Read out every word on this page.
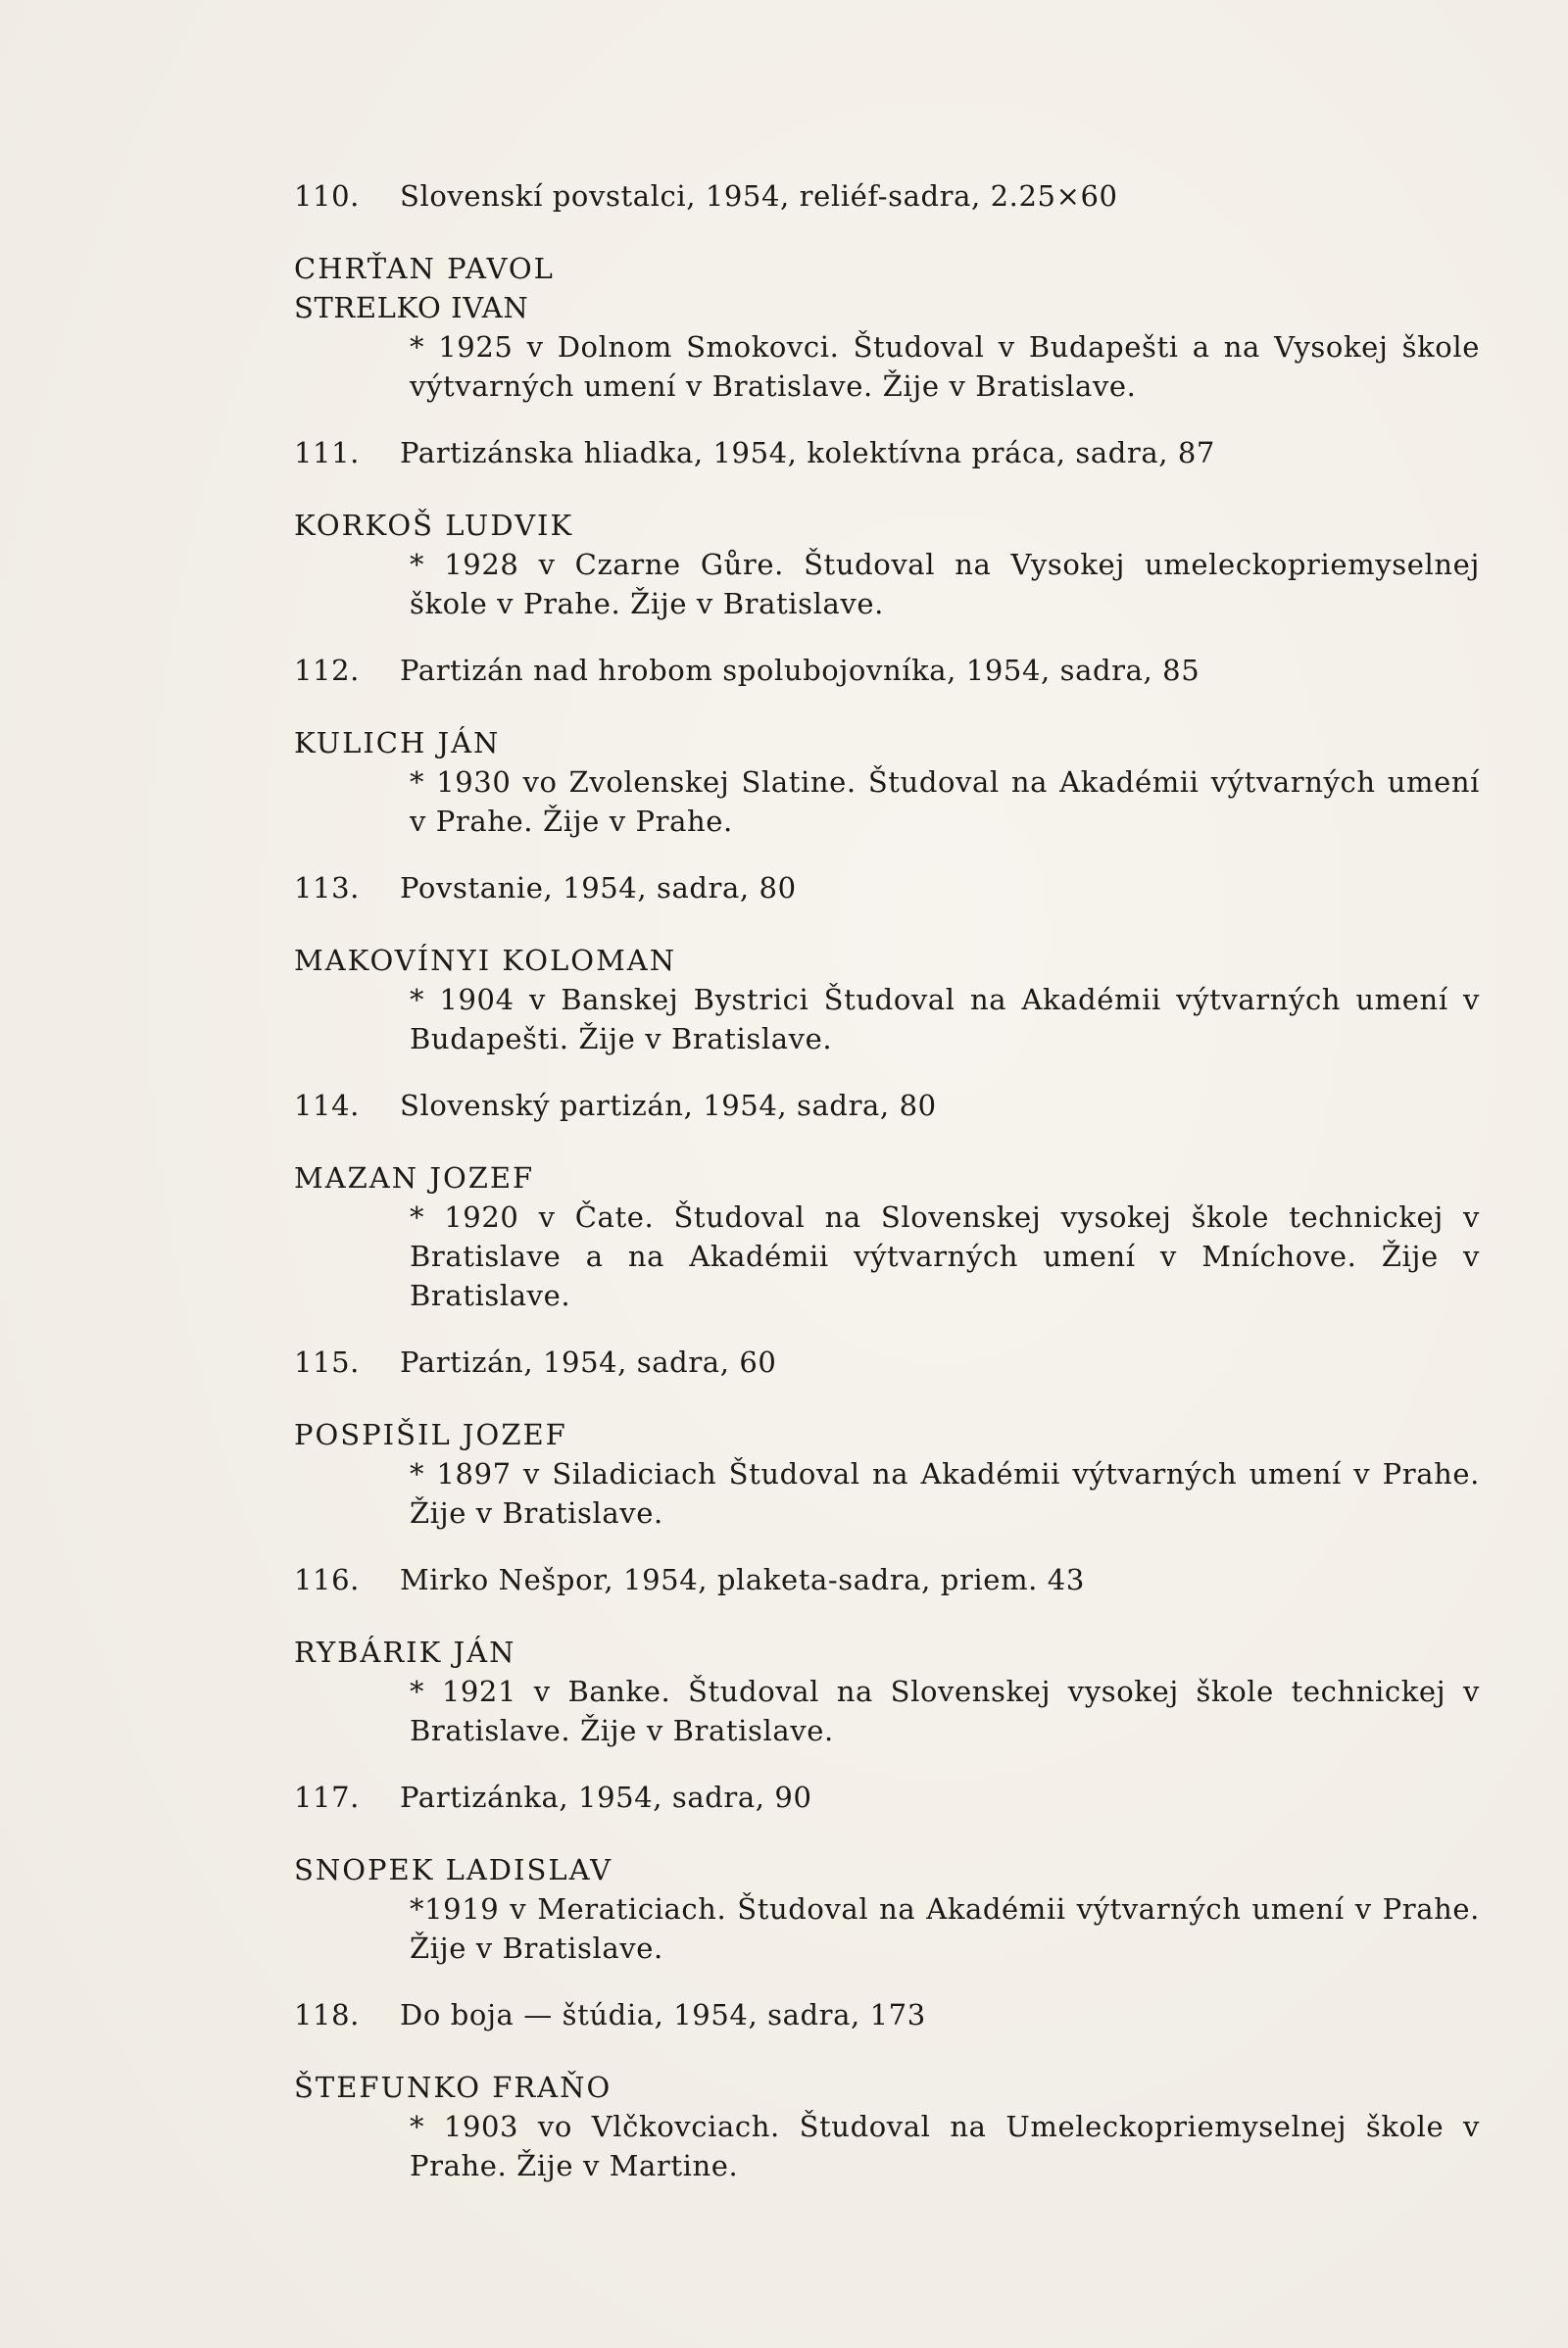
110.	Slovenskí povstalci, 1954, reliéf-sadra, 2.25×60
CHRŤAN PAVOL
STRELKO IVAN
* 1925 v Dolnom Smokovci. Študoval v Budapešti a na Vysokej škole výtvarných umení v Bratislave. Žije v Bratislave.
111.	Partizánska hliadka, 1954, kolektívna práca, sadra, 87
KORKOŠ LUDVIK
* 1928 v Czarne Gůre. Študoval na Vysokej umeleckopriemyselnej škole v Prahe. Žije v Bratislave.
112.	Partizán nad hrobom spolubojovníka, 1954, sadra, 85
KULICH JÁN
* 1930 vo Zvolenskej Slatine. Študoval na Akadémii výtvarných umení v Prahe. Žije v Prahe.
113.	Povstanie, 1954, sadra, 80
MAKOVÍNYI KOLOMAN
* 1904 v Banskej Bystrici Študoval na Akadémii výtvarných umení v Budapešti. Žije v Bratislave.
114.	Slovenský partizán, 1954, sadra, 80
MAZAN JOZEF
* 1920 v Čate. Študoval na Slovenskej vysokej škole technickej v Bratislave a na Akadémii výtvarných umení v Mníchove. Žije v Bratislave.
115.	Partizán, 1954, sadra, 60
POSPIŠIL JOZEF
* 1897 v Siladiciach Študoval na Akadémii výtvarných umení v Prahe. Žije v Bratislave.
116.	Mirko Nešpor, 1954, plaketa-sadra, priem. 43
RYBÁRIK JÁN
* 1921 v Banke. Študoval na Slovenskej vysokej škole technickej v Bratislave. Žije v Bratislave.
117.	Partizánka, 1954, sadra, 90
SNOPEK LADISLAV
*1919 v Meraticiach. Študoval na Akadémii výtvarných umení v Prahe. Žije v Bratislave.
118.	Do boja — štúdia, 1954, sadra, 173
ŠTEFUNKO FRAŇO
* 1903 vo Vlčkovciach. Študoval na Umeleckopriemyselnej škole v Prahe. Žije v Martine.
